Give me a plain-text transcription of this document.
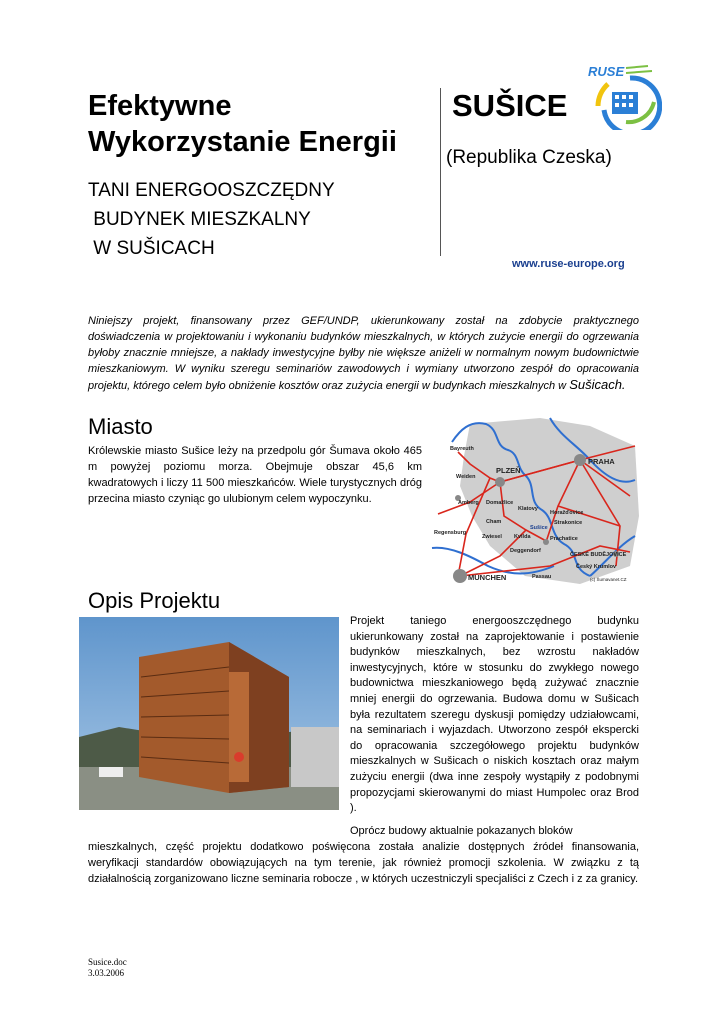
Efektywne
Wykorzystanie Energii
SUŠICE
(Republika Czeska)
TANI ENERGOOSZCZĘDNY
BUDYNEK MIESZKALNY
W SUŠICACH
RUSE
www.ruse-europe.org
Niniejszy projekt, finansowany przez GEF/UNDP, ukierunkowany został na zdobycie praktycznego doświadczenia w projektowaniu i wykonaniu budynków mieszkalnych, w których zużycie energii do ogrzewania byłoby znacznie mniejsze, a nakłady inwestycyjne byłby nie większe aniżeli w normalnym nowym budownictwie mieszkaniowym. W wyniku szeregu seminariów zawodowych i wymiany utworzono zespół do opracowania projektu, którego celem było obniżenie kosztów oraz zużycia energii w budynkach mieszkalnych w Sušicach.
Miasto
Królewskie miasto Sušice leży na przedpolu gór Šumava około 465 m powyżej poziomu morza. Obejmuje obszar 45,6 km kwadratowych i liczy 11 500 mieszkańców. Wiele turystycznych dróg przecina miasto czyniąc go ulubionym celem wypoczynku.
Bayreuth
Weiden
PLZEŇ
PRAHA
Amberg Domažlice
Klatovy
Horažďovice
Strakonice
Cham
Sušice
Regensburg
Zwiesel Kvilda	Prachatice
Deggendorf
ČESKÉ BUDĚJOVICE
Český Krumlov
MÜNCHEN	Passau	(c) Šumavanet.CZ
Opis Projektu
Projekt taniego energooszczędnego budynku ukierunkowany został na zaprojektowanie i postawienie budynków mieszkalnych, bez wzrostu nakładów inwestycyjnych, które w stosunku do zwykłego nowego budownictwa mieszkaniowego będą zużywać znacznie mniej energii do ogrzewania. Budowa domu w Sušicach była rezultatem szeregu dyskusji pomiędzy udziałowcami, na seminariach i wyjazdach. Utworzono zespół ekspercki do opracowania szczegółowego projektu budynków mieszkalnych w Sušicach o niskich kosztach oraz małym zużyciu energii (dwa inne zespoły wystąpiły z podobnymi propozycjami skierowanymi do miast Humpolec oraz Brod ).
Oprócz budowy aktualnie pokazanych bloków
mieszkalnych, część projektu dodatkowo poświęcona została analizie dostępnych źródeł finansowania, weryfikacji standardów obowiązujących na tym terenie, jak również promocji szkolenia. W związku z tą działalnością zorganizowano liczne seminaria robocze , w których uczestniczyli specjaliści z Czech i z za granicy.
Susice.doc
3.03.2006
